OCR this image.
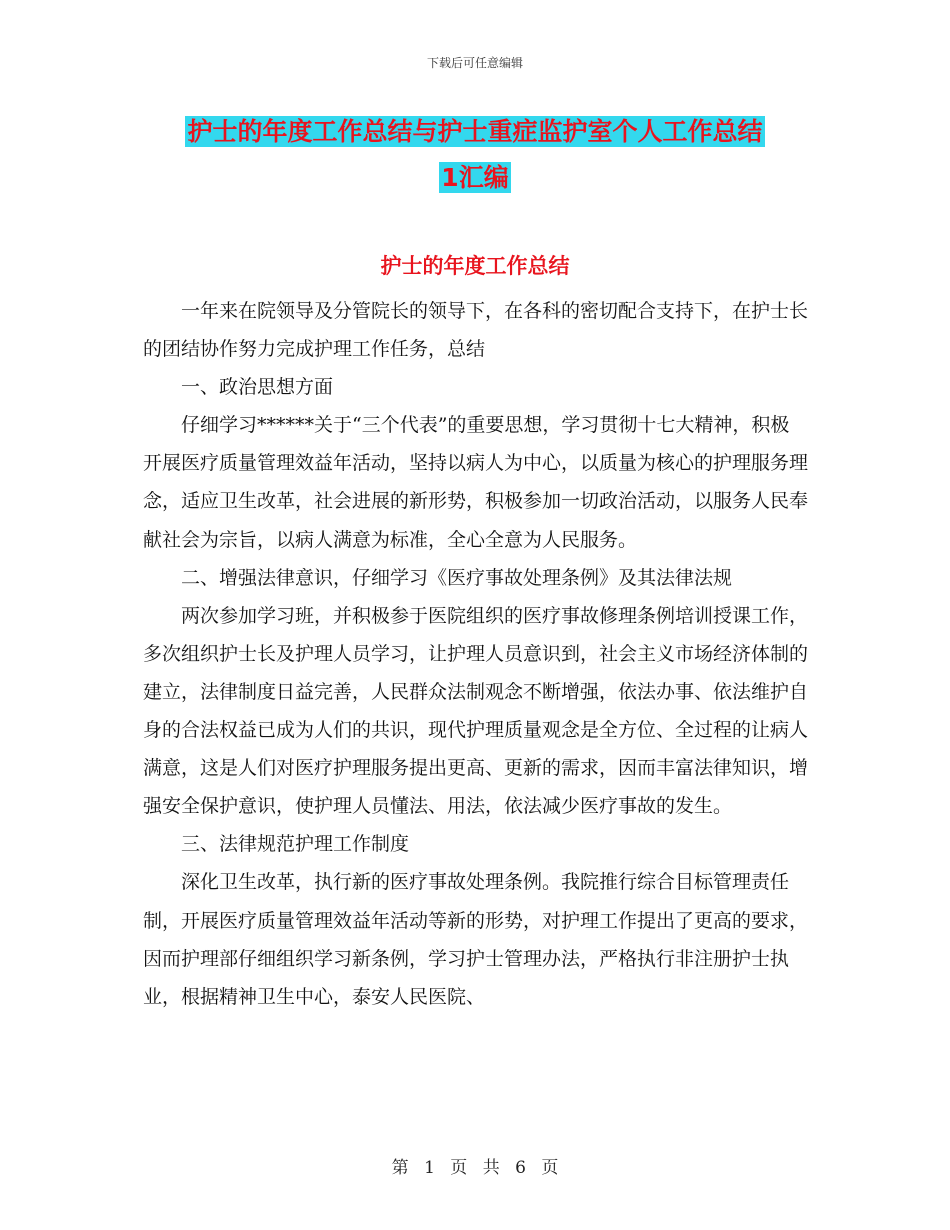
下载后可任意编辑
护士的年度工作总结与护士重症监护室个人工作总结
1汇编
护士的年度工作总结

一年来在院领导及分管院长的领导下，在各科的密切配合支持下，在护士长的团结协作努力完成护理工作任务，总结

一、政治思想方面

仔细学习******关于“三个代表”的重要思想，学习贯彻十七大精神，积极开展医疗质量管理效益年活动，坚持以病人为中心，以质量为核心的护理服务理念，适应卫生改革，社会进展的新形势，积极参加一切政治活动，以服务人民奉献社会为宗旨，以病人满意为标准，全心全意为人民服务。

二、增强法律意识，仔细学习《医疗事故处理条例》及其法律法规

两次参加学习班，并积极参于医院组织的医疗事故修理条例培训授课工作，多次组织护士长及护理人员学习，让护理人员意识到，社会主义市场经济体制的建立，法律制度日益完善，人民群众法制观念不断增强，依法办事、依法维护自身的合法权益已成为人们的共识，现代护理质量观念是全方位、全过程的让病人满意，这是人们对医疗护理服务提出更高、更新的需求，因而丰富法律知识，增强安全保护意识，使护理人员懂法、用法，依法减少医疗事故的发生。

三、法律规范护理工作制度

深化卫生改革，执行新的医疗事故处理条例。我院推行综合目标管理责任制，开展医疗质量管理效益年活动等新的形势，对护理工作提出了更高的要求，因而护理部仔细组织学习新条例，学习护士管理办法，严格执行非注册护士执业，根据精神卫生中心，泰安人民医院、

第 1 页 共 6 页
